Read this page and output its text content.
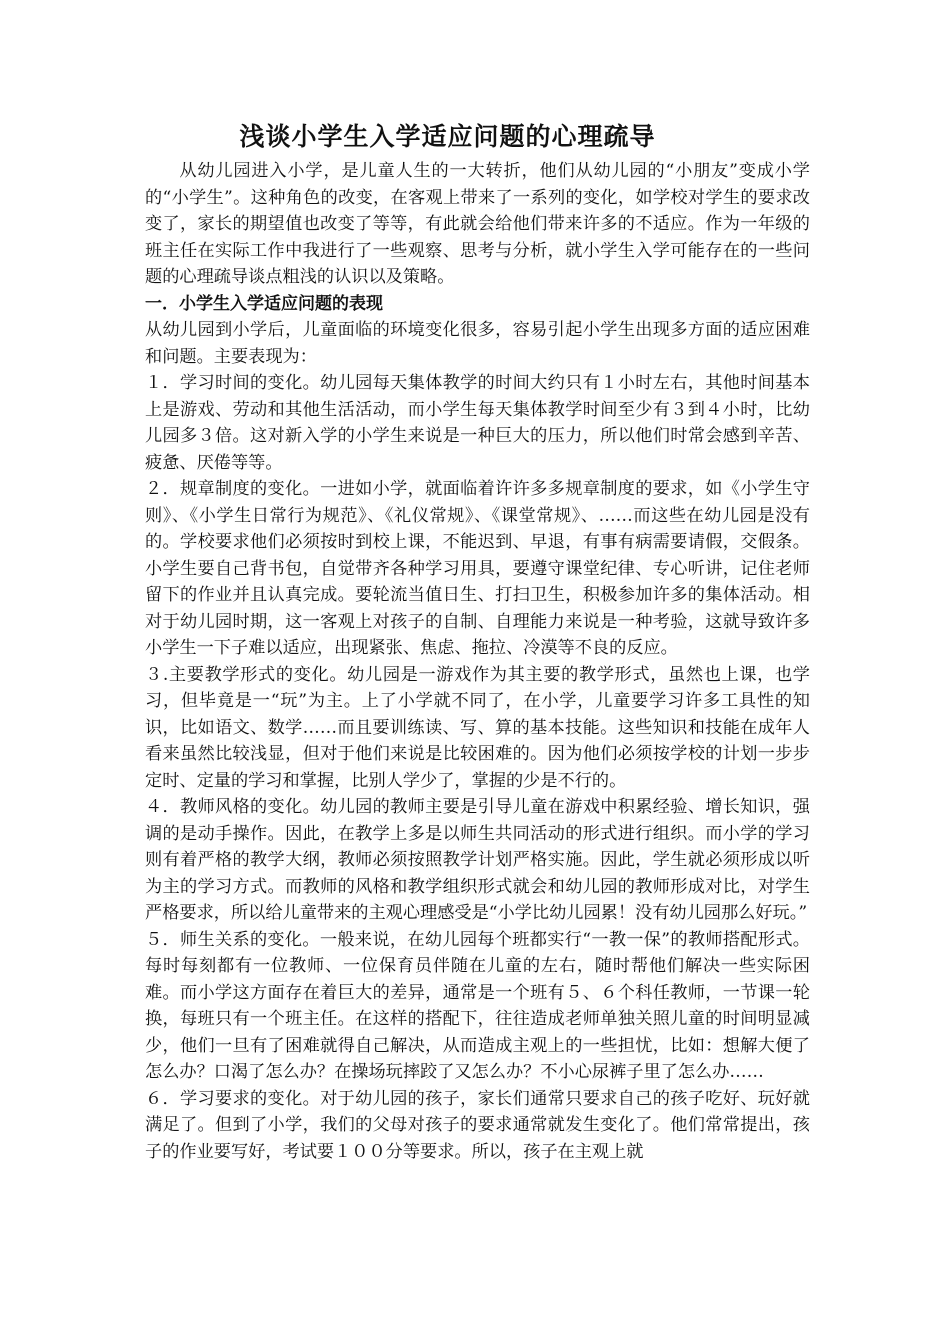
浅谈小学生入学适应问题的心理疏导

从幼儿园进入小学，是儿童人生的一大转折，他们从幼儿园的“小朋友”变成小学的“小学生”。这种角色的改变，在客观上带来了一系列的变化，如学校对学生的要求改变了，家长的期望值也改变了等等，有此就会给他们带来许多的不适应。作为一年级的班主任在实际工作中我进行了一些观察、思考与分析，就小学生入学可能存在的一些问题的心理疏导谈点粗浅的认识以及策略。

一．小学生入学适应问题的表现

从幼儿园到小学后，儿童面临的环境变化很多，容易引起小学生出现多方面的适应困难和问题。主要表现为：

１．学习时间的变化。幼儿园每天集体教学的时间大约只有１小时左右，其他时间基本上是游戏、劳动和其他生活活动，而小学生每天集体教学时间至少有３到４小时，比幼儿园多３倍。这对新入学的小学生来说是一种巨大的压力，所以他们时常会感到辛苦、疲惫、厌倦等等。

２．规章制度的变化。一进如小学，就面临着许许多多规章制度的要求，如《小学生守则》、《小学生日常行为规范》、《礼仪常规》、《课堂常规》、……而这些在幼儿园是没有的。学校要求他们必须按时到校上课，不能迟到、早退，有事有病需要请假，交假条。小学生要自己背书包，自觉带齐各种学习用具，要遵守课堂纪律、专心听讲，记住老师留下的作业并且认真完成。要轮流当值日生、打扫卫生，积极参加许多的集体活动。相对于幼儿园时期，这一客观上对孩子的自制、自理能力来说是一种考验，这就导致许多小学生一下子难以适应，出现紧张、焦虑、拖拉、冷漠等不良的反应。

３.主要教学形式的变化。幼儿园是一游戏作为其主要的教学形式，虽然也上课，也学习，但毕竟是一“玩”为主。上了小学就不同了，在小学，儿童要学习许多工具性的知识，比如语文、数学……而且要训练读、写、算的基本技能。这些知识和技能在成年人看来虽然比较浅显，但对于他们来说是比较困难的。因为他们必须按学校的计划一步步定时、定量的学习和掌握，比别人学少了，掌握的少是不行的。

４．教师风格的变化。幼儿园的教师主要是引导儿童在游戏中积累经验、增长知识，强调的是动手操作。因此，在教学上多是以师生共同活动的形式进行组织。而小学的学习则有着严格的教学大纲，教师必须按照教学计划严格实施。因此，学生就必须形成以听为主的学习方式。而教师的风格和教学组织形式就会和幼儿园的教师形成对比，对学生严格要求，所以给儿童带来的主观心理感受是“小学比幼儿园累！没有幼儿园那么好玩。”

５．师生关系的变化。一般来说，在幼儿园每个班都实行“一教一保”的教师搭配形式。每时每刻都有一位教师、一位保育员伴随在儿童的左右，随时帮他们解决一些实际困难。而小学这方面存在着巨大的差异，通常是一个班有５、６个科任教师，一节课一轮换，每班只有一个班主任。在这样的搭配下，往往造成老师单独关照儿童的时间明显减少，他们一旦有了困难就得自己解决，从而造成主观上的一些担忧，比如：想解大便了怎么办？口渴了怎么办？在操场玩摔跤了又怎么办？不小心尿裤子里了怎么办……

６．学习要求的变化。对于幼儿园的孩子，家长们通常只要求自己的孩子吃好、玩好就满足了。但到了小学，我们的父母对孩子的要求通常就发生变化了。他们常常提出，孩子的作业要写好，考试要１００分等要求。所以，孩子在主观上就
